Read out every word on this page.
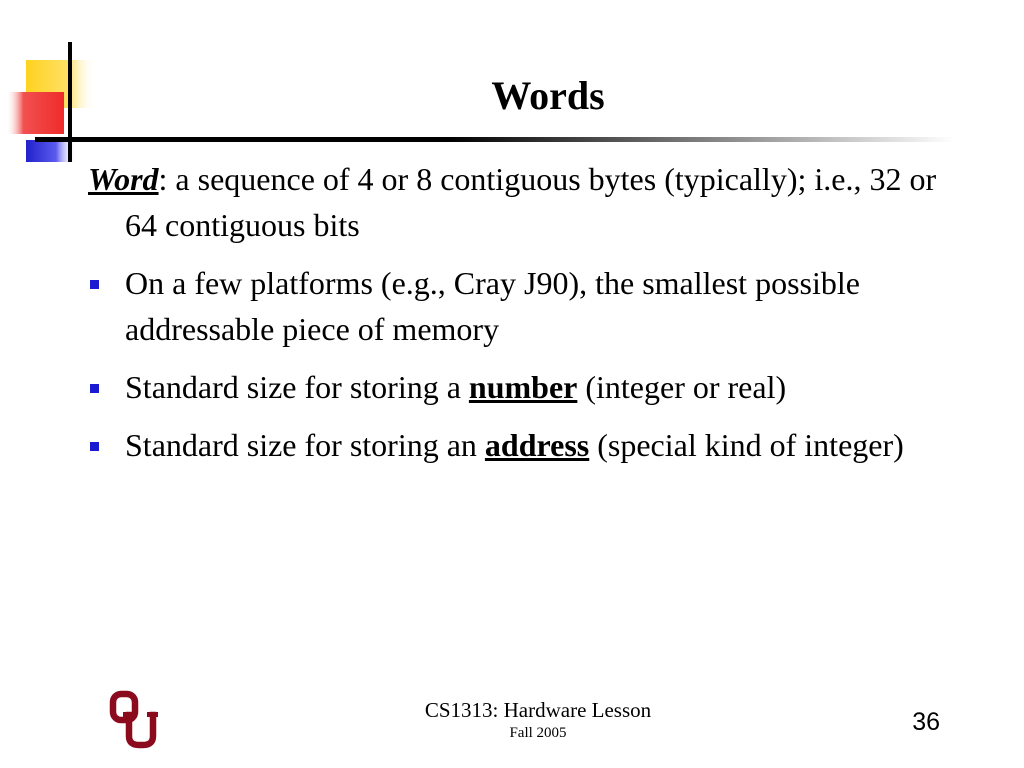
Words
Word: a sequence of 4 or 8 contiguous bytes (typically); i.e., 32 or 64 contiguous bits
On a few platforms (e.g., Cray J90), the smallest possible addressable piece of memory
Standard size for storing a number (integer or real)
Standard size for storing an address (special kind of integer)
CS1313: Hardware Lesson
Fall 2005	36
